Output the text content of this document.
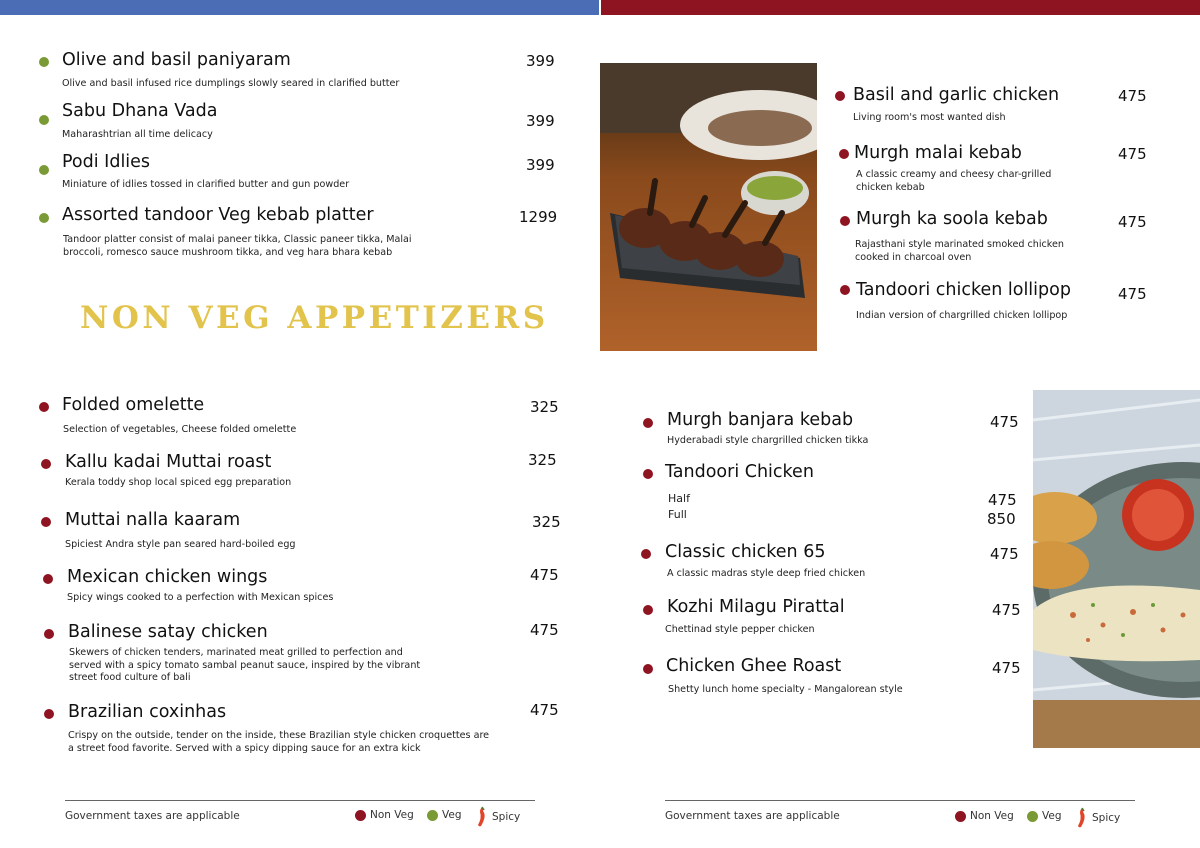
Olive and basil paniyaram	399
Olive and basil infused rice dumplings slowly seared in clarified butter
Sabu Dhana Vada	399
Maharashtrian all time delicacy
Podi Idlies	399
Miniature of idlies tossed in clarified butter and gun powder
Assorted tandoor Veg kebab platter	1299
Tandoor platter consist of malai paneer tikka, Classic paneer tikka, Malai broccoli, romesco sauce mushroom tikka, and veg hara bhara kebab
NON VEG APPETIZERS
Folded omelette	325
Selection of vegetables, Cheese folded omelette
Kallu kadai Muttai roast	325
Kerala toddy shop local spiced egg preparation
Muttai nalla kaaram	325
Spiciest Andra style pan seared hard-boiled egg
Mexican chicken wings	475
Spicy wings cooked to a perfection with Mexican spices
Balinese satay chicken	475
Skewers of chicken tenders, marinated meat grilled to perfection and served with a spicy tomato sambal peanut sauce, inspired by the vibrant street food culture of bali
Brazilian coxinhas	475
Crispy on the outside, tender on the inside, these Brazilian style chicken croquettes are a street food favorite. Served with a spicy dipping sauce for an extra kick
Basil and garlic chicken	475
Living room's most wanted dish
Murgh malai kebab	475
A classic creamy and cheesy char-grilled chicken kebab
Murgh ka soola kebab	475
Rajasthani style marinated smoked chicken cooked in charcoal oven
Tandoori chicken lollipop	475
Indian version of chargrilled chicken lollipop
Murgh banjara kebab	475
Hyderabadi style chargrilled chicken tikka
Tandoori Chicken
Half	475
Full	850
Classic chicken 65	475
A classic madras style deep fried chicken
Kozhi Milagu Pirattal	475
Chettinad style pepper chicken
Chicken Ghee Roast	475
Shetty lunch home specialty - Mangalorean style
Government taxes are applicable	Non Veg	Veg	Spicy	Government taxes are applicable	Non Veg	Veg	Spicy
